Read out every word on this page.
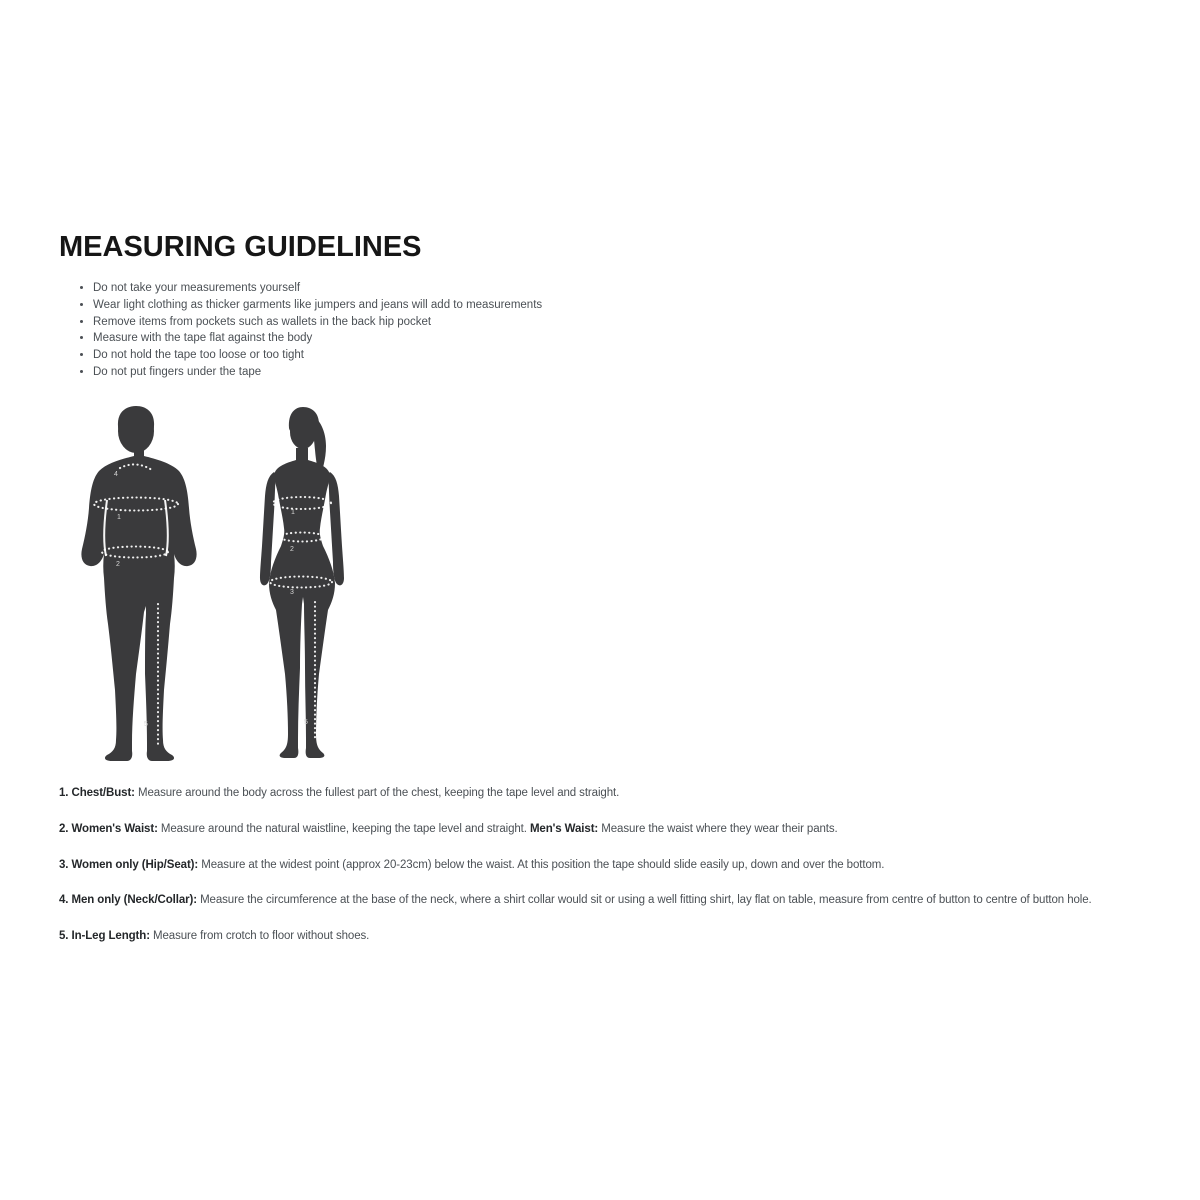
MEASURING GUIDELINES
• Do not take your measurements yourself
• Wear light clothing as thicker garments like jumpers and jeans will add to measurements
• Remove items from pockets such as wallets in the back hip pocket
• Measure with the tape flat against the body
• Do not hold the tape too loose or too tight
• Do not put fingers under the tape
4
1
2
5
1
2
3
5

1. Chest/Bust: Measure around the body across the fullest part of the chest, keeping the tape level and straight.

2. Women's Waist: Measure around the natural waistline, keeping the tape level and straight. Men's Waist: Measure the waist where they wear their pants.

3. Women only (Hip/Seat): Measure at the widest point (approx 20-23cm) below the waist. At this position the tape should slide easily up, down and over the bottom.

4. Men only (Neck/Collar): Measure the circumference at the base of the neck, where a shirt collar would sit or using a well fitting shirt, lay flat on table, measure from centre of button to centre of button hole.

5. In-Leg Length: Measure from crotch to floor without shoes.
